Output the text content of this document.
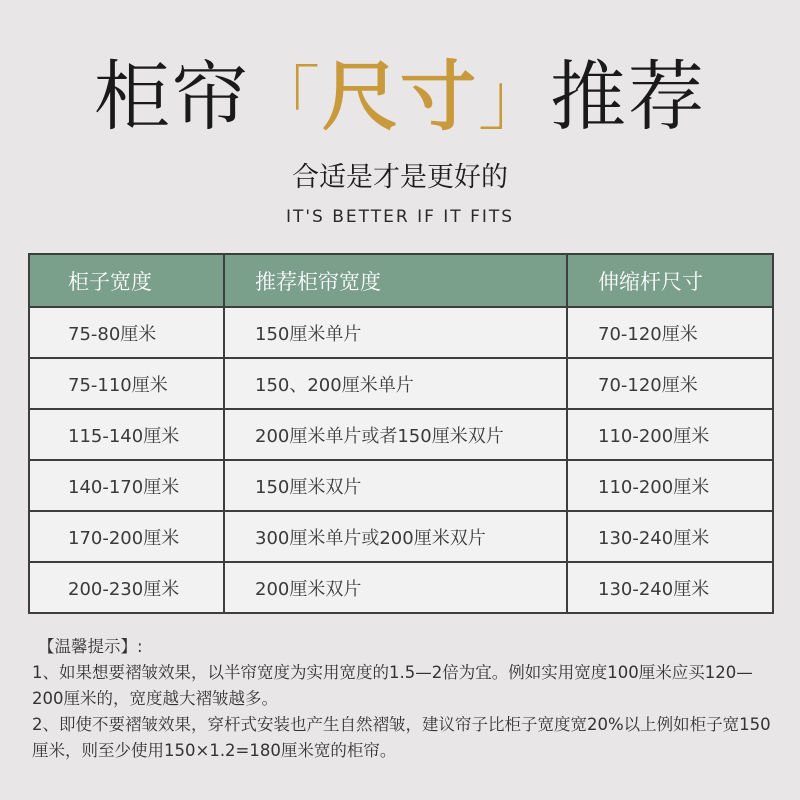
柜帘「尺寸」推荐
合适是才是更好的
IT'S BETTER IF IT FITS
柜子宽度	推荐柜帘宽度	伸缩杆尺寸
75-80厘米	150厘米单片	70-120厘米
75-110厘米	150、200厘米单片	70-120厘米
115-140厘米	200厘米单片或者150厘米双片	110-200厘米
140-170厘米	150厘米双片	110-200厘米
170-200厘米	300厘米单片或200厘米双片	130-240厘米
200-230厘米	200厘米双片	130-240厘米

【温馨提示】:

1、如果想要褶皱效果，以半帘宽度为实用宽度的1.5—2倍为宜。例如实用宽度100厘米应买120—200厘米的，宽度越大褶皱越多。

2、即使不要褶皱效果，穿杆式安装也产生自然褶皱，建议帘子比柜子宽度宽20%以上例如柜子宽150厘米，则至少使用150×1.2=180厘米宽的柜帘。
